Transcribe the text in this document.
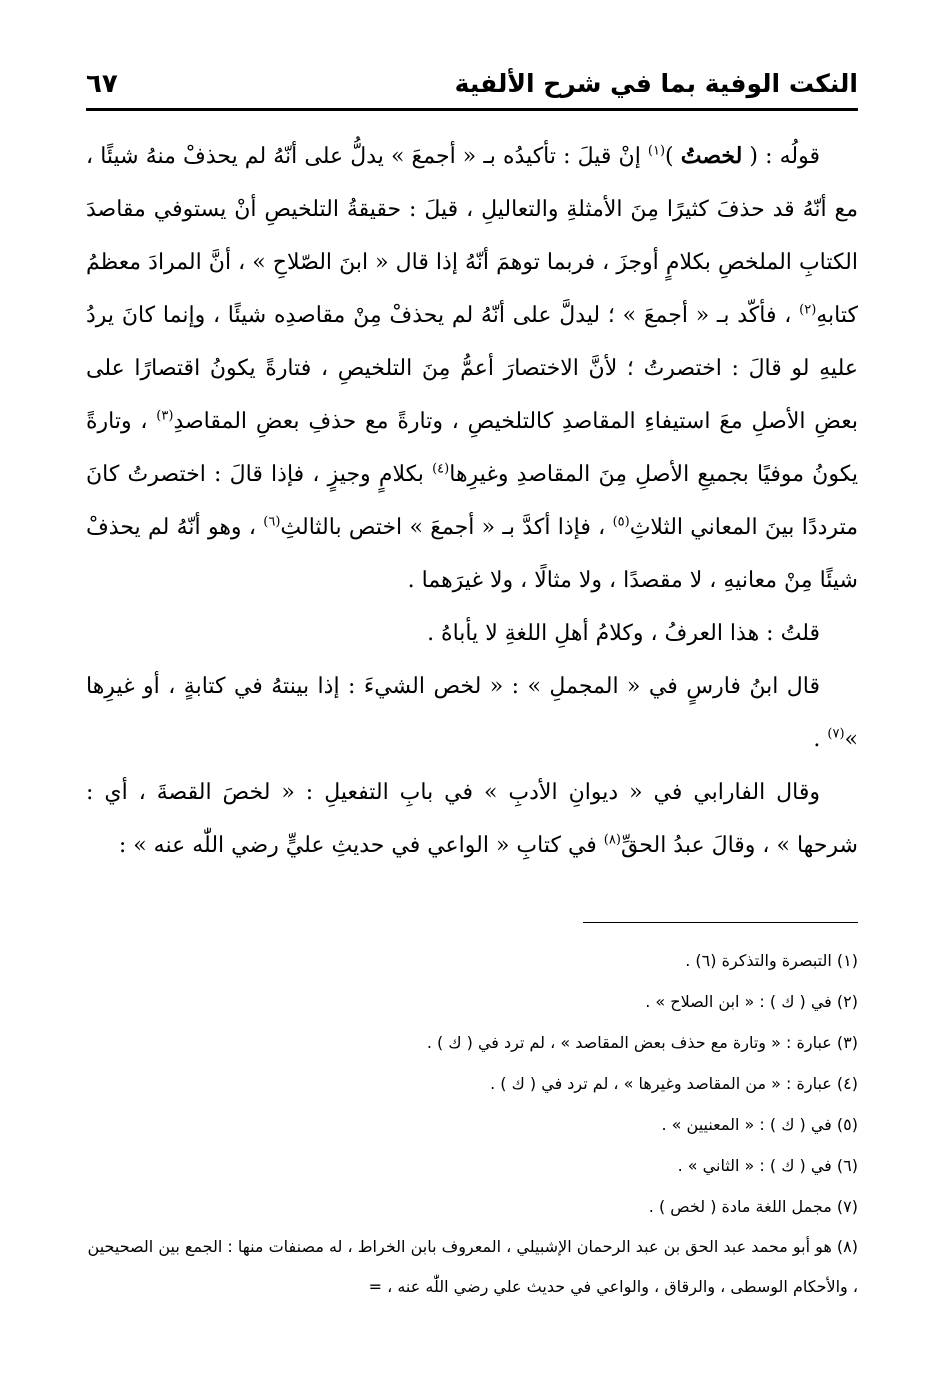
النكت الوفية بما في شرح الألفية
٦٧

قولُه : ( لخصتُ )$^{(١)}$ إنْ قيلَ : تأكيدُه بـ « أجمعَ » يدلُّ على أنّهُ لم يحذفْ منهُ شيئًا ، مع أنّهُ قد حذفَ كثيرًا مِنَ الأمثلةِ والتعاليلِ ، قيلَ : حقيقةُ التلخيصِ أنْ يستوفي مقاصدَ الكتابِ الملخصِ بكلامٍ أوجزَ ، فربما توهمَ أنّهُ إذا قال « ابنَ الصّلاحِ » ، أنَّ المرادَ معظمُ كتابهِ$^{(٢)}$ ، فأكّد بـ « أجمعَ » ؛ ليدلَّ على أنّهُ لم يحذفْ مِنْ مقاصدِه شيئًا ، وإنما كانَ يردُ عليهِ لو قالَ : اختصرتُ ؛ لأنَّ الاختصارَ أعمُّ مِنَ التلخيصِ ، فتارةً يكونُ اقتصارًا على بعضِ الأصلِ معَ استيفاءِ المقاصدِ كالتلخيصِ ، وتارةً مع حذفِ بعضِ المقاصدِ$^{(٣)}$ ، وتارةً يكونُ موفيًا بجميعِ الأصلِ مِنَ المقاصدِ وغيرِها$^{(٤)}$ بكلامٍ وجيزٍ ، فإذا قالَ : اختصرتُ كانَ مترددًا بينَ المعاني الثلاثِ$^{(٥)}$ ، فإذا أكدَّ بـ « أجمعَ » اختص بالثالثِ$^{(٦)}$ ، وهو أنّهُ لم يحذفْ شيئًا مِنْ معانيهِ ، لا مقصدًا ، ولا مثالًا ، ولا غيرَهما .

قلتُ : هذا العرفُ ، وكلامُ أهلِ اللغةِ لا يأباهُ .

قال ابنُ فارسٍ في « المجملِ » : « لخص الشيءَ : إذا بينتهُ في كتابةٍ ، أو غيرِها »$^{(٧)}$ .

وقال الفارابي في « ديوانِ الأدبِ » في بابِ التفعيلِ : « لخصَ القصةَ ، أي : شرحها » ، وقالَ عبدُ الحقِّ$^{(٨)}$ في كتابِ « الواعي في حديثِ عليٍّ رضي اللّٰه عنه » :

(١) التبصرة والتذكرة (٦) .

(٢) في ( ك ) : « ابن الصلاح » .

(٣) عبارة : « وتارة مع حذف بعض المقاصد » ، لم ترد في ( ك ) .

(٤) عبارة : « من المقاصد وغيرها » ، لم ترد في ( ك ) .

(٥) في ( ك ) : « المعنيين » .

(٦) في ( ك ) : « الثاني » .

(٧) مجمل اللغة مادة ( لخص ) .

(٨) هو أبو محمد عبد الحق بن عبد الرحمان الإشبيلي ، المعروف بابن الخراط ، له مصنفات منها : الجمع بين الصحيحين ، والأحكام الوسطى ، والرقاق ، والواعي في حديث علي رضي اللّٰه عنه ، =
